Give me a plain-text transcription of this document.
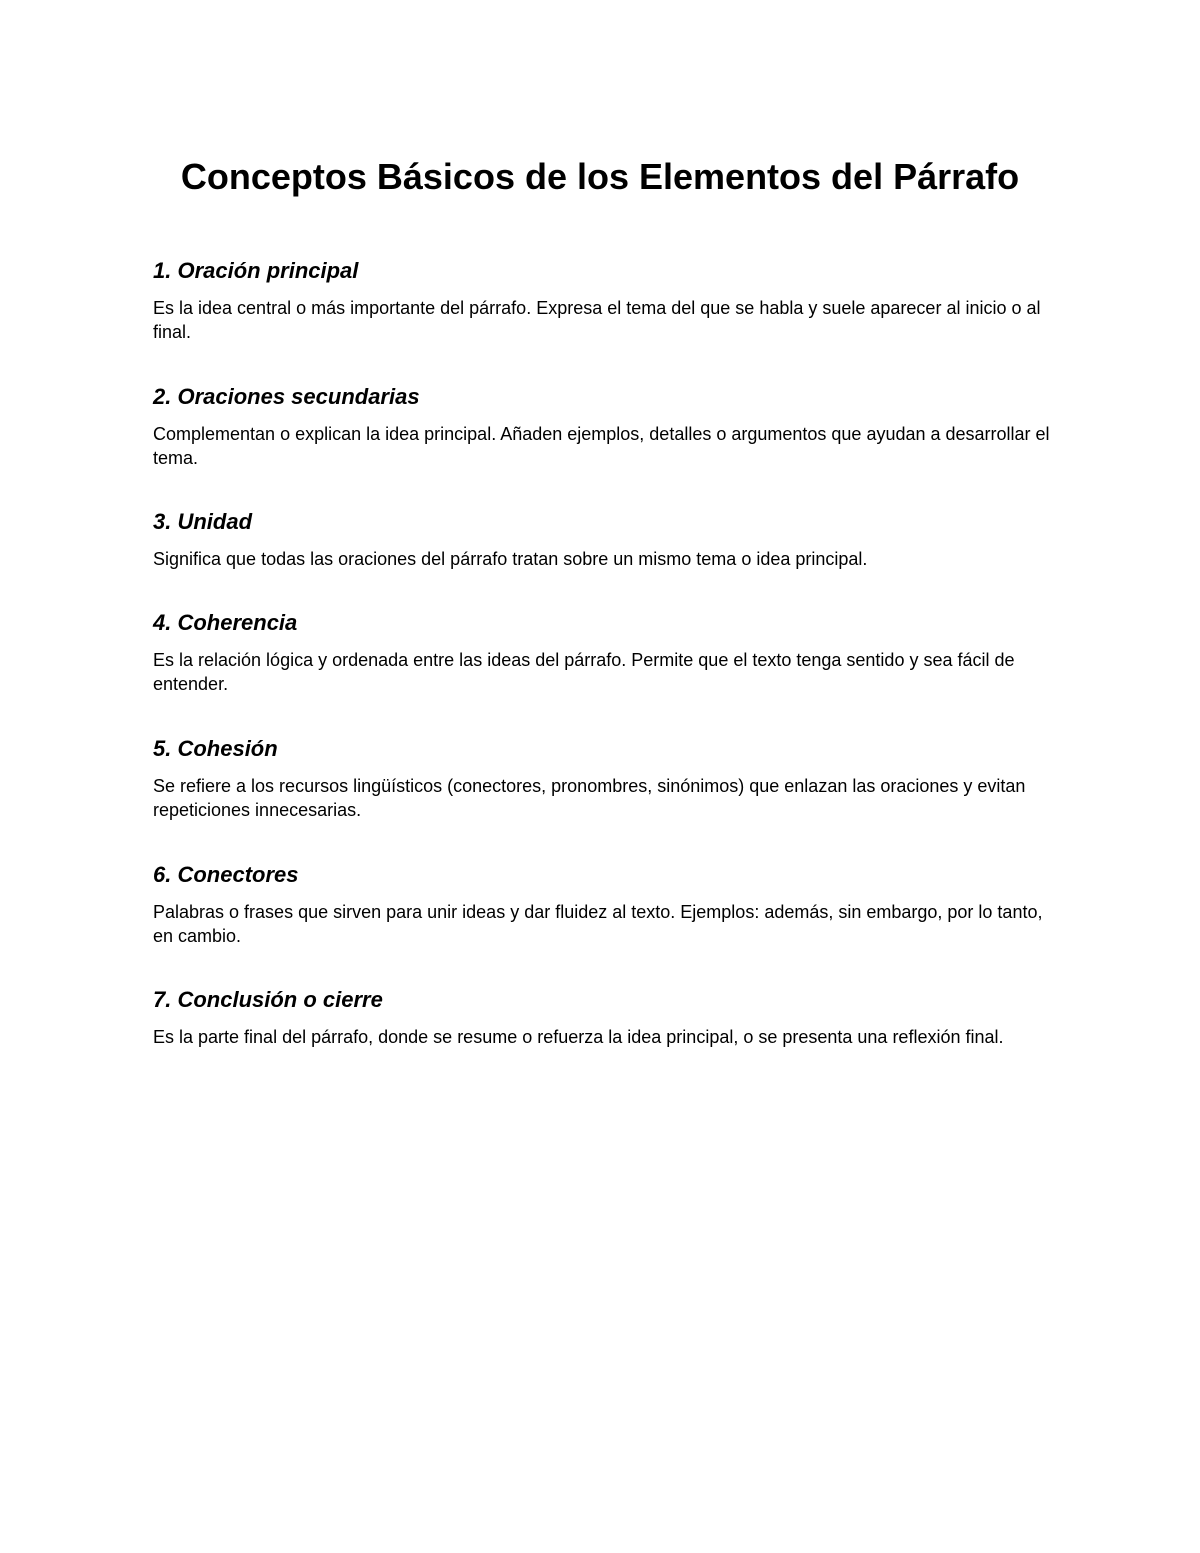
Conceptos Básicos de los Elementos del Párrafo
1. Oración principal

Es la idea central o más importante del párrafo. Expresa el tema del que se habla y suele aparecer al inicio o al final.

2. Oraciones secundarias

Complementan o explican la idea principal. Añaden ejemplos, detalles o argumentos que ayudan a desarrollar el tema.

3. Unidad

Significa que todas las oraciones del párrafo tratan sobre un mismo tema o idea principal.

4. Coherencia

Es la relación lógica y ordenada entre las ideas del párrafo. Permite que el texto tenga sentido y sea fácil de entender.

5. Cohesión

Se refiere a los recursos lingüísticos (conectores, pronombres, sinónimos) que enlazan las oraciones y evitan repeticiones innecesarias.

6. Conectores

Palabras o frases que sirven para unir ideas y dar fluidez al texto. Ejemplos: además, sin embargo, por lo tanto, en cambio.

7. Conclusión o cierre

Es la parte final del párrafo, donde se resume o refuerza la idea principal, o se presenta una reflexión final.
